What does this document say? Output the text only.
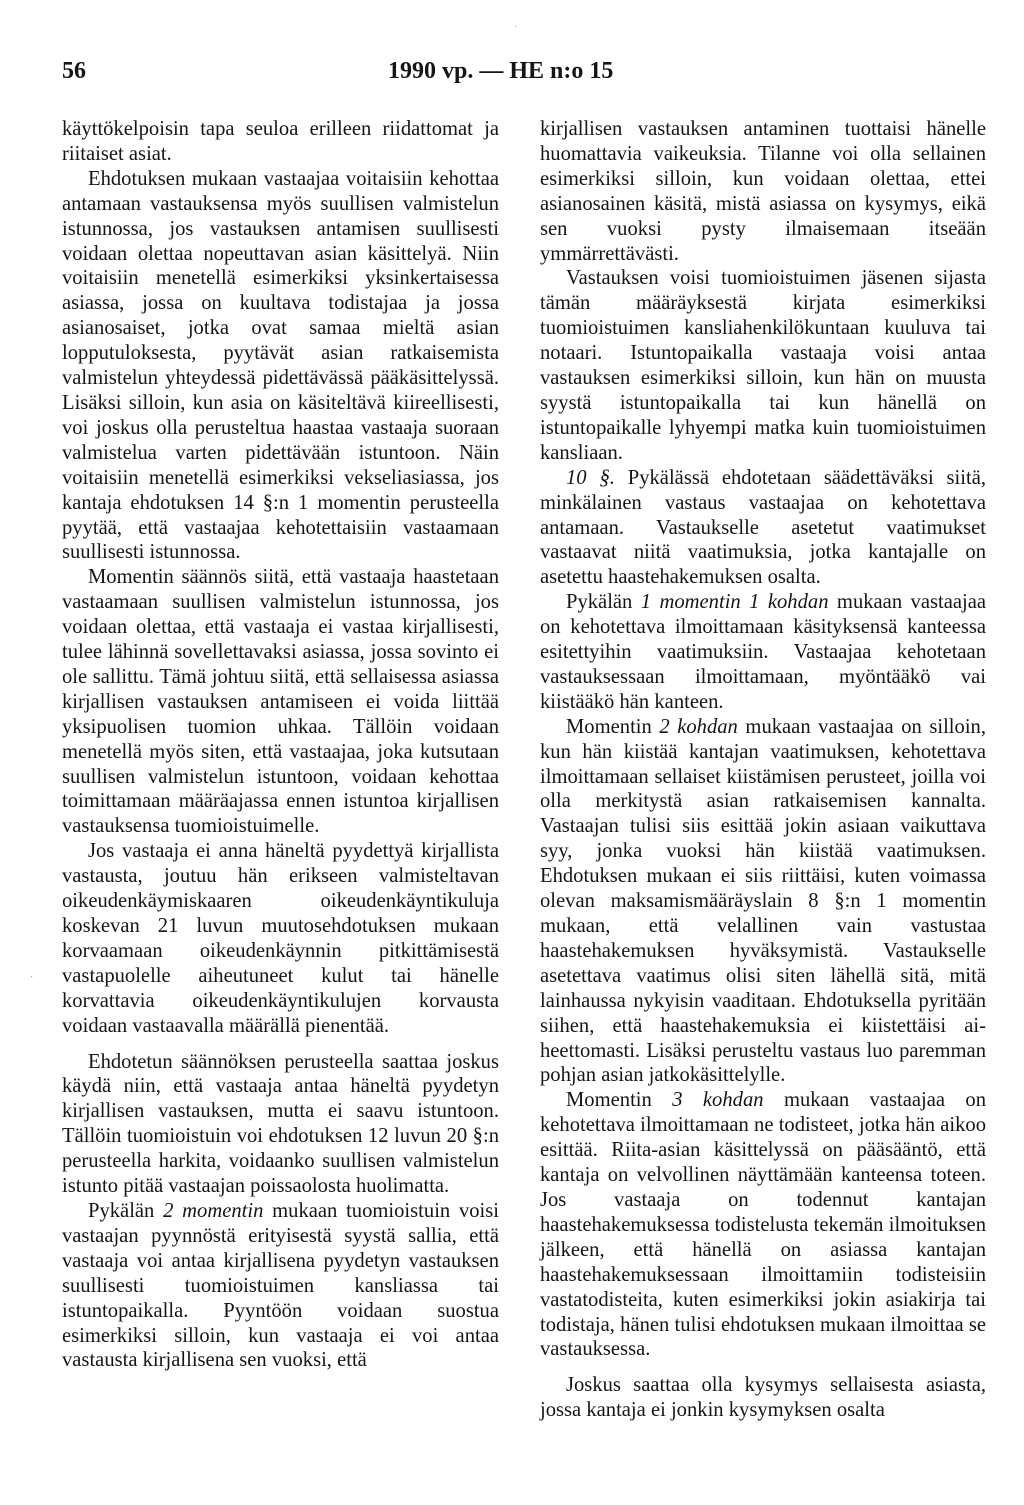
·
·
56	1990 vp. — HE n:o 15

käyttökelpoisin tapa seuloa erilleen riidattomat ja riitaiset asiat.

Ehdotuksen mukaan vastaajaa voitaisiin kehottaa antamaan vastauksensa myös suullisen valmistelun istunnossa, jos vastauksen antamisen suullisesti voidaan olettaa nopeuttavan asian käsittelyä. Niin voitaisiin menetellä esimerkiksi yksinkertaisessa asiassa, jossa on kuultava todistajaa ja jossa asianosaiset, jotka ovat samaa mieltä asian lopputuloksesta, pyytävät asian ratkaisemista valmistelun yhteydessä pidettävässä pääkäsittelyssä. Lisäksi silloin, kun asia on käsiteltävä kiireellisesti, voi joskus olla perusteltua haastaa vastaaja suoraan valmistelua varten pidettävään istuntoon. Näin voitaisiin menetellä esimerkiksi vekseliasiassa, jos kantaja ehdotuksen 14 §:n 1 momentin perusteella pyytää, että vastaajaa kehotettaisiin vastaamaan suullisesti istunnossa.

Momentin säännös siitä, että vastaaja haastetaan vastaamaan suullisen valmistelun istunnossa, jos voidaan olettaa, että vastaaja ei vastaa kirjallisesti, tulee lähinnä sovellettavaksi asiassa, jossa sovinto ei ole sallittu. Tämä johtuu siitä, että sellaisessa asiassa kirjallisen vastauksen antamiseen ei voida liittää yksipuolisen tuomion uhkaa. Tällöin voidaan menetellä myös siten, että vastaajaa, joka kutsutaan suullisen valmistelun istuntoon, voidaan kehottaa toimittamaan määräajassa ennen istuntoa kirjallisen vastauksensa tuomioistuimelle.

Jos vastaaja ei anna häneltä pyydettyä kirjallista vastausta, joutuu hän erikseen valmisteltavan oikeudenkäymiskaaren oikeudenkäyntikuluja koskevan 21 luvun muutosehdotuksen mukaan korvaamaan oikeudenkäynnin pitkittämisestä vastapuolelle aiheutuneet kulut tai hänelle korvattavia oikeudenkäyntikulujen korvausta voidaan vastaavalla määrällä pienentää.

Ehdotetun säännöksen perusteella saattaa joskus käydä niin, että vastaaja antaa häneltä pyydetyn kirjallisen vastauksen, mutta ei saavu istuntoon. Tällöin tuomioistuin voi ehdotuksen 12 luvun 20 §:n perusteella harkita, voidaanko suullisen valmistelun istunto pitää vastaajan poissaolosta huolimatta.

Pykälän 2 momentin mukaan tuomioistuin voisi vastaajan pyynnöstä erityisestä syystä sallia, että vastaaja voi antaa kirjallisena pyydetyn vastauksen suullisesti tuomioistuimen kansliassa tai istuntopaikalla. Pyyntöön voidaan suostua esimerkiksi silloin, kun vastaaja ei voi antaa vastausta kirjallisena sen vuoksi, että

kirjallisen vastauksen antaminen tuottaisi hänelle huomattavia vaikeuksia. Tilanne voi olla sellainen esimerkiksi silloin, kun voidaan olettaa, ettei asianosainen käsitä, mistä asiassa on kysymys, eikä sen vuoksi pysty ilmaisemaan itseään ymmärrettävästi.

Vastauksen voisi tuomioistuimen jäsenen sijasta tämän määräyksestä kirjata esimerkiksi tuomioistuimen kansliahenkilökuntaan kuuluva tai notaari. Istuntopaikalla vastaaja voisi antaa vastauksen esimerkiksi silloin, kun hän on muusta syystä istuntopaikalla tai kun hänellä on istuntopaikalle lyhyempi matka kuin tuomioistuimen kansliaan.

10 §. Pykälässä ehdotetaan säädettäväksi siitä, minkälainen vastaus vastaajaa on kehotettava antamaan. Vastaukselle asetetut vaatimukset vastaavat niitä vaatimuksia, jotka kantajalle on asetettu haastehakemuksen osalta.

Pykälän 1 momentin 1 kohdan mukaan vastaajaa on kehotettava ilmoittamaan käsityksensä kanteessa esitettyihin vaatimuksiin. Vastaajaa kehotetaan vastauksessaan ilmoittamaan, myöntääkö vai kiistääkö hän kanteen.

Momentin 2 kohdan mukaan vastaajaa on silloin, kun hän kiistää kantajan vaatimuksen, kehotettava ilmoittamaan sellaiset kiistämisen perusteet, joilla voi olla merkitystä asian ratkaisemisen kannalta. Vastaajan tulisi siis esittää jokin asiaan vaikuttava syy, jonka vuoksi hän kiistää vaatimuksen. Ehdotuksen mukaan ei siis riittäisi, kuten voimassa olevan maksamismääräyslain 8 §:n 1 momentin mukaan, että velallinen vain vastustaa haastehakemuksen hyväksymistä. Vastaukselle asetettava vaatimus olisi siten lähellä sitä, mitä lainhaussa nykyisin vaaditaan. Ehdotuksella pyritään siihen, että haastehakemuksia ei kiistettäisi aiheettomasti. Lisäksi perusteltu vastaus luo paremman pohjan asian jatkokäsittelylle.

Momentin 3 kohdan mukaan vastaajaa on kehotettava ilmoittamaan ne todisteet, jotka hän aikoo esittää. Riita-asian käsittelyssä on pääsääntö, että kantaja on velvollinen näyttämään kanteensa toteen. Jos vastaaja on todennut kantajan haastehakemuksessa todistelusta tekemän ilmoituksen jälkeen, että hänellä on asiassa kantajan haastehakemuksessaan ilmoittamiin todisteisiin vastatodisteita, kuten esimerkiksi jokin asiakirja tai todistaja, hänen tulisi ehdotuksen mukaan ilmoittaa se vastauksessa.

Joskus saattaa olla kysymys sellaisesta asiasta, jossa kantaja ei jonkin kysymyksen osalta
